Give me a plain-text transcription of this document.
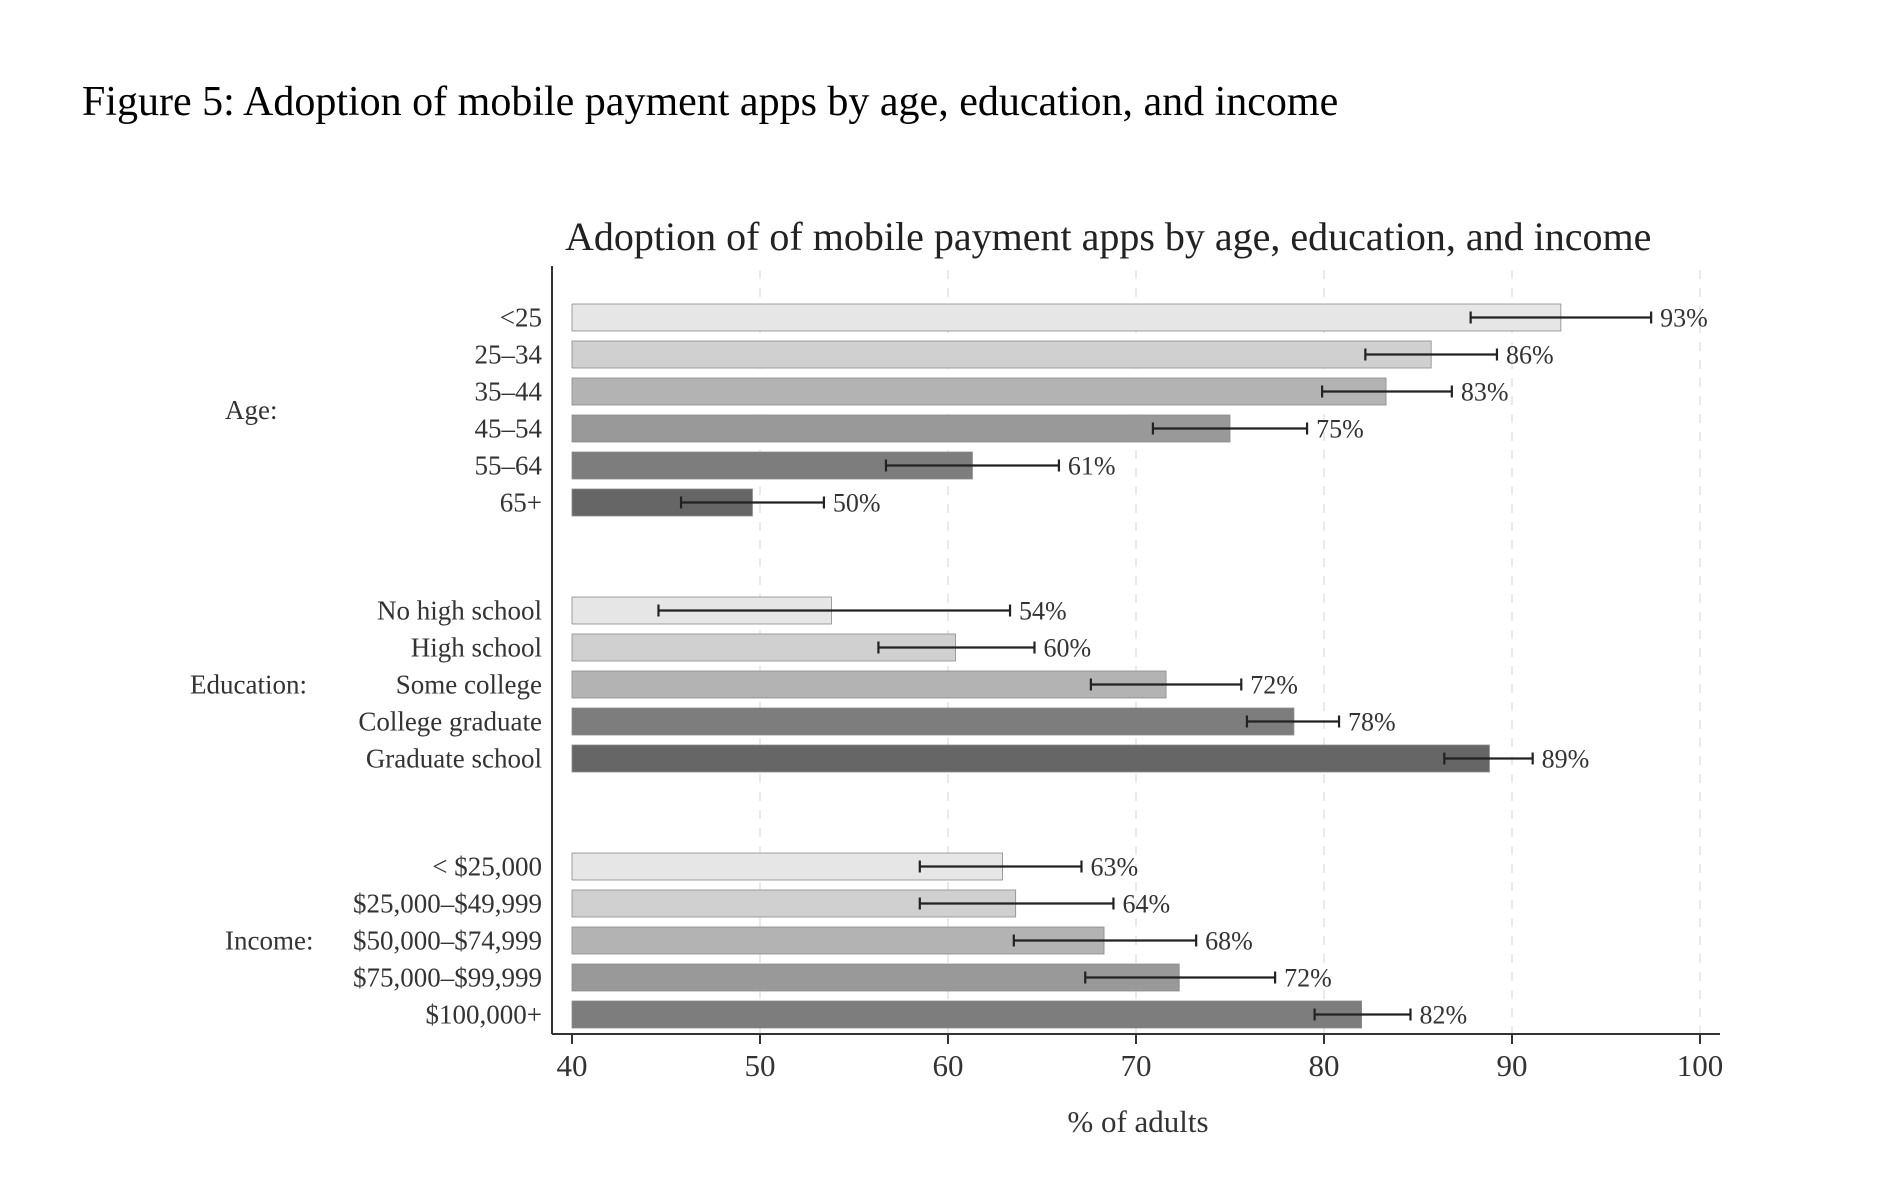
Figure 5: Adoption of mobile payment apps by age, education, and income
Adoption of of mobile payment apps by age, education, and income
Age:
93%
<25
86%
25–34
83%
35–44
75%
45–54
61%
55–64
50%
65+
Education:
54%
No high school
60%
High school
72%
Some college
78%
College graduate
89%
Graduate school
Income:
63%
< $25,000
64%
$25,000–$49,999
68%
$50,000–$74,999
72%
$75,000–$99,999
82%
$100,000+
40	50	60	70	80	90	100
% of adults
